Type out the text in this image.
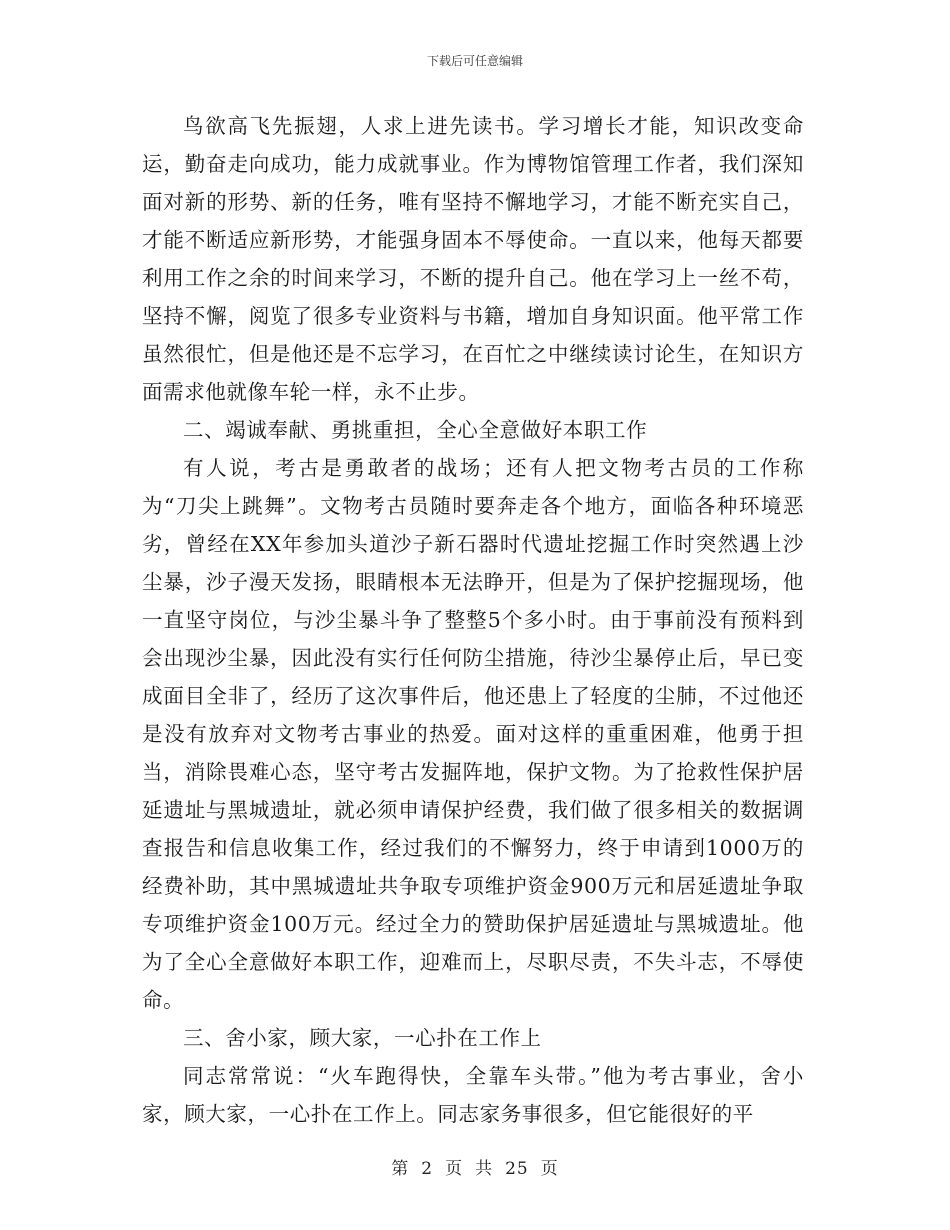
下载后可任意编辑

鸟欲高飞先振翅，人求上进先读书。学习增长才能，知识改变命运，勤奋走向成功，能力成就事业。作为博物馆管理工作者，我们深知面对新的形势、新的任务，唯有坚持不懈地学习，才能不断充实自己，才能不断适应新形势，才能强身固本不辱使命。一直以来，他每天都要利用工作之余的时间来学习，不断的提升自己。他在学习上一丝不苟，坚持不懈，阅览了很多专业资料与书籍，增加自身知识面。他平常工作虽然很忙，但是他还是不忘学习，在百忙之中继续读讨论生，在知识方面需求他就像车轮一样，永不止步。

二、竭诚奉献、勇挑重担，全心全意做好本职工作

有人说，考古是勇敢者的战场；还有人把文物考古员的工作称为“刀尖上跳舞”。文物考古员随时要奔走各个地方，面临各种环境恶劣，曾经在XX年参加头道沙子新石器时代遗址挖掘工作时突然遇上沙尘暴，沙子漫天发扬，眼睛根本无法睁开，但是为了保护挖掘现场，他一直坚守岗位，与沙尘暴斗争了整整5个多小时。由于事前没有预料到会出现沙尘暴，因此没有实行任何防尘措施，待沙尘暴停止后，早已变成面目全非了，经历了这次事件后，他还患上了轻度的尘肺，不过他还是没有放弃对文物考古事业的热爱。面对这样的重重困难，他勇于担当，消除畏难心态，坚守考古发掘阵地，保护文物。为了抢救性保护居延遗址与黑城遗址，就必须申请保护经费，我们做了很多相关的数据调查报告和信息收集工作，经过我们的不懈努力，终于申请到1000万的经费补助，其中黑城遗址共争取专项维护资金900万元和居延遗址争取专项维护资金100万元。经过全力的赞助保护居延遗址与黑城遗址。他为了全心全意做好本职工作，迎难而上，尽职尽责，不失斗志，不辱使命。

三、舍小家，顾大家，一心扑在工作上

同志常常说：“火车跑得快，全靠车头带。”他为考古事业，舍小家，顾大家，一心扑在工作上。同志家务事很多，但它能很好的平

第 2 页 共 25 页
